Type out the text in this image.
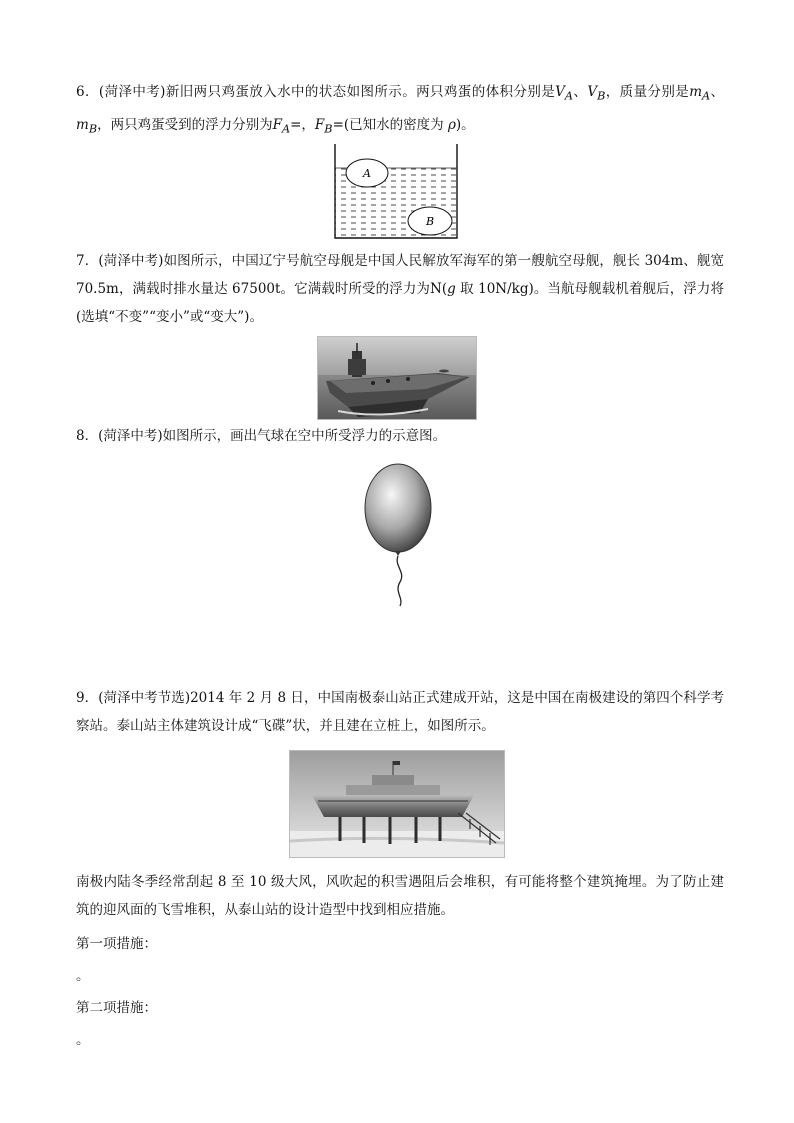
6．(菏泽中考)新旧两只鸡蛋放入水中的状态如图所示。两只鸡蛋的体积分别是$V_A$、$V_B$，质量分别是$m_A$、$m_B$，两只鸡蛋受到的浮力分别为$F_A=$，$F_B=$(已知水的密度为 ρ)。

A
B

7．(菏泽中考)如图所示，中国辽宁号航空母舰是中国人民解放军海军的第一艘航空母舰，舰长 304m、舰宽 70.5m，满载时排水量达 67500t。它满载时所受的浮力为N(g 取 10N/kg)。当航母舰载机着舰后，浮力将(选填“不变”“变小”或“变大”)。

8．(菏泽中考)如图所示，画出气球在空中所受浮力的示意图。

9．(菏泽中考节选)2014 年 2 月 8 日，中国南极泰山站正式建成开站，这是中国在南极建设的第四个科学考察站。泰山站主体建筑设计成“飞碟”状，并且建在立桩上，如图所示。

南极内陆冬季经常刮起 8 至 10 级大风，风吹起的积雪遇阻后会堆积，有可能将整个建筑掩埋。为了防止建筑的迎风面的飞雪堆积，从泰山站的设计造型中找到相应措施。

第一项措施：

。

第二项措施：

。
